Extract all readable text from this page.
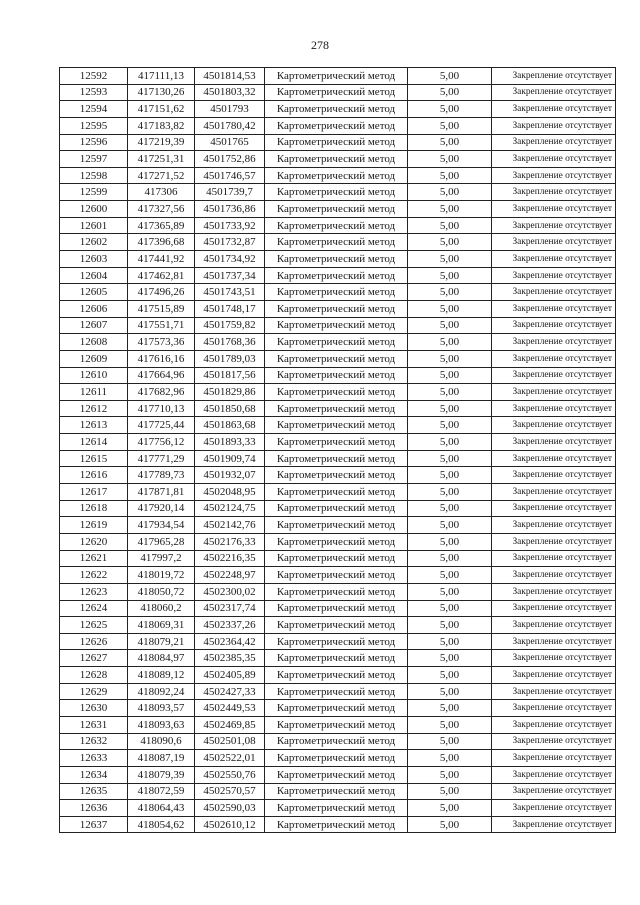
278
12592	417111,13	4501814,53	Картометрический метод	5,00	Закрепление отсутствует
12593	417130,26	4501803,32	Картометрический метод	5,00	Закрепление отсутствует
12594	417151,62	4501793	Картометрический метод	5,00	Закрепление отсутствует
12595	417183,82	4501780,42	Картометрический метод	5,00	Закрепление отсутствует
12596	417219,39	4501765	Картометрический метод	5,00	Закрепление отсутствует
12597	417251,31	4501752,86	Картометрический метод	5,00	Закрепление отсутствует
12598	417271,52	4501746,57	Картометрический метод	5,00	Закрепление отсутствует
12599	417306	4501739,7	Картометрический метод	5,00	Закрепление отсутствует
12600	417327,56	4501736,86	Картометрический метод	5,00	Закрепление отсутствует
12601	417365,89	4501733,92	Картометрический метод	5,00	Закрепление отсутствует
12602	417396,68	4501732,87	Картометрический метод	5,00	Закрепление отсутствует
12603	417441,92	4501734,92	Картометрический метод	5,00	Закрепление отсутствует
12604	417462,81	4501737,34	Картометрический метод	5,00	Закрепление отсутствует
12605	417496,26	4501743,51	Картометрический метод	5,00	Закрепление отсутствует
12606	417515,89	4501748,17	Картометрический метод	5,00	Закрепление отсутствует
12607	417551,71	4501759,82	Картометрический метод	5,00	Закрепление отсутствует
12608	417573,36	4501768,36	Картометрический метод	5,00	Закрепление отсутствует
12609	417616,16	4501789,03	Картометрический метод	5,00	Закрепление отсутствует
12610	417664,96	4501817,56	Картометрический метод	5,00	Закрепление отсутствует
12611	417682,96	4501829,86	Картометрический метод	5,00	Закрепление отсутствует
12612	417710,13	4501850,68	Картометрический метод	5,00	Закрепление отсутствует
12613	417725,44	4501863,68	Картометрический метод	5,00	Закрепление отсутствует
12614	417756,12	4501893,33	Картометрический метод	5,00	Закрепление отсутствует
12615	417771,29	4501909,74	Картометрический метод	5,00	Закрепление отсутствует
12616	417789,73	4501932,07	Картометрический метод	5,00	Закрепление отсутствует
12617	417871,81	4502048,95	Картометрический метод	5,00	Закрепление отсутствует
12618	417920,14	4502124,75	Картометрический метод	5,00	Закрепление отсутствует
12619	417934,54	4502142,76	Картометрический метод	5,00	Закрепление отсутствует
12620	417965,28	4502176,33	Картометрический метод	5,00	Закрепление отсутствует
12621	417997,2	4502216,35	Картометрический метод	5,00	Закрепление отсутствует
12622	418019,72	4502248,97	Картометрический метод	5,00	Закрепление отсутствует
12623	418050,72	4502300,02	Картометрический метод	5,00	Закрепление отсутствует
12624	418060,2	4502317,74	Картометрический метод	5,00	Закрепление отсутствует
12625	418069,31	4502337,26	Картометрический метод	5,00	Закрепление отсутствует
12626	418079,21	4502364,42	Картометрический метод	5,00	Закрепление отсутствует
12627	418084,97	4502385,35	Картометрический метод	5,00	Закрепление отсутствует
12628	418089,12	4502405,89	Картометрический метод	5,00	Закрепление отсутствует
12629	418092,24	4502427,33	Картометрический метод	5,00	Закрепление отсутствует
12630	418093,57	4502449,53	Картометрический метод	5,00	Закрепление отсутствует
12631	418093,63	4502469,85	Картометрический метод	5,00	Закрепление отсутствует
12632	418090,6	4502501,08	Картометрический метод	5,00	Закрепление отсутствует
12633	418087,19	4502522,01	Картометрический метод	5,00	Закрепление отсутствует
12634	418079,39	4502550,76	Картометрический метод	5,00	Закрепление отсутствует
12635	418072,59	4502570,57	Картометрический метод	5,00	Закрепление отсутствует
12636	418064,43	4502590,03	Картометрический метод	5,00	Закрепление отсутствует
12637	418054,62	4502610,12	Картометрический метод	5,00	Закрепление отсутствует
